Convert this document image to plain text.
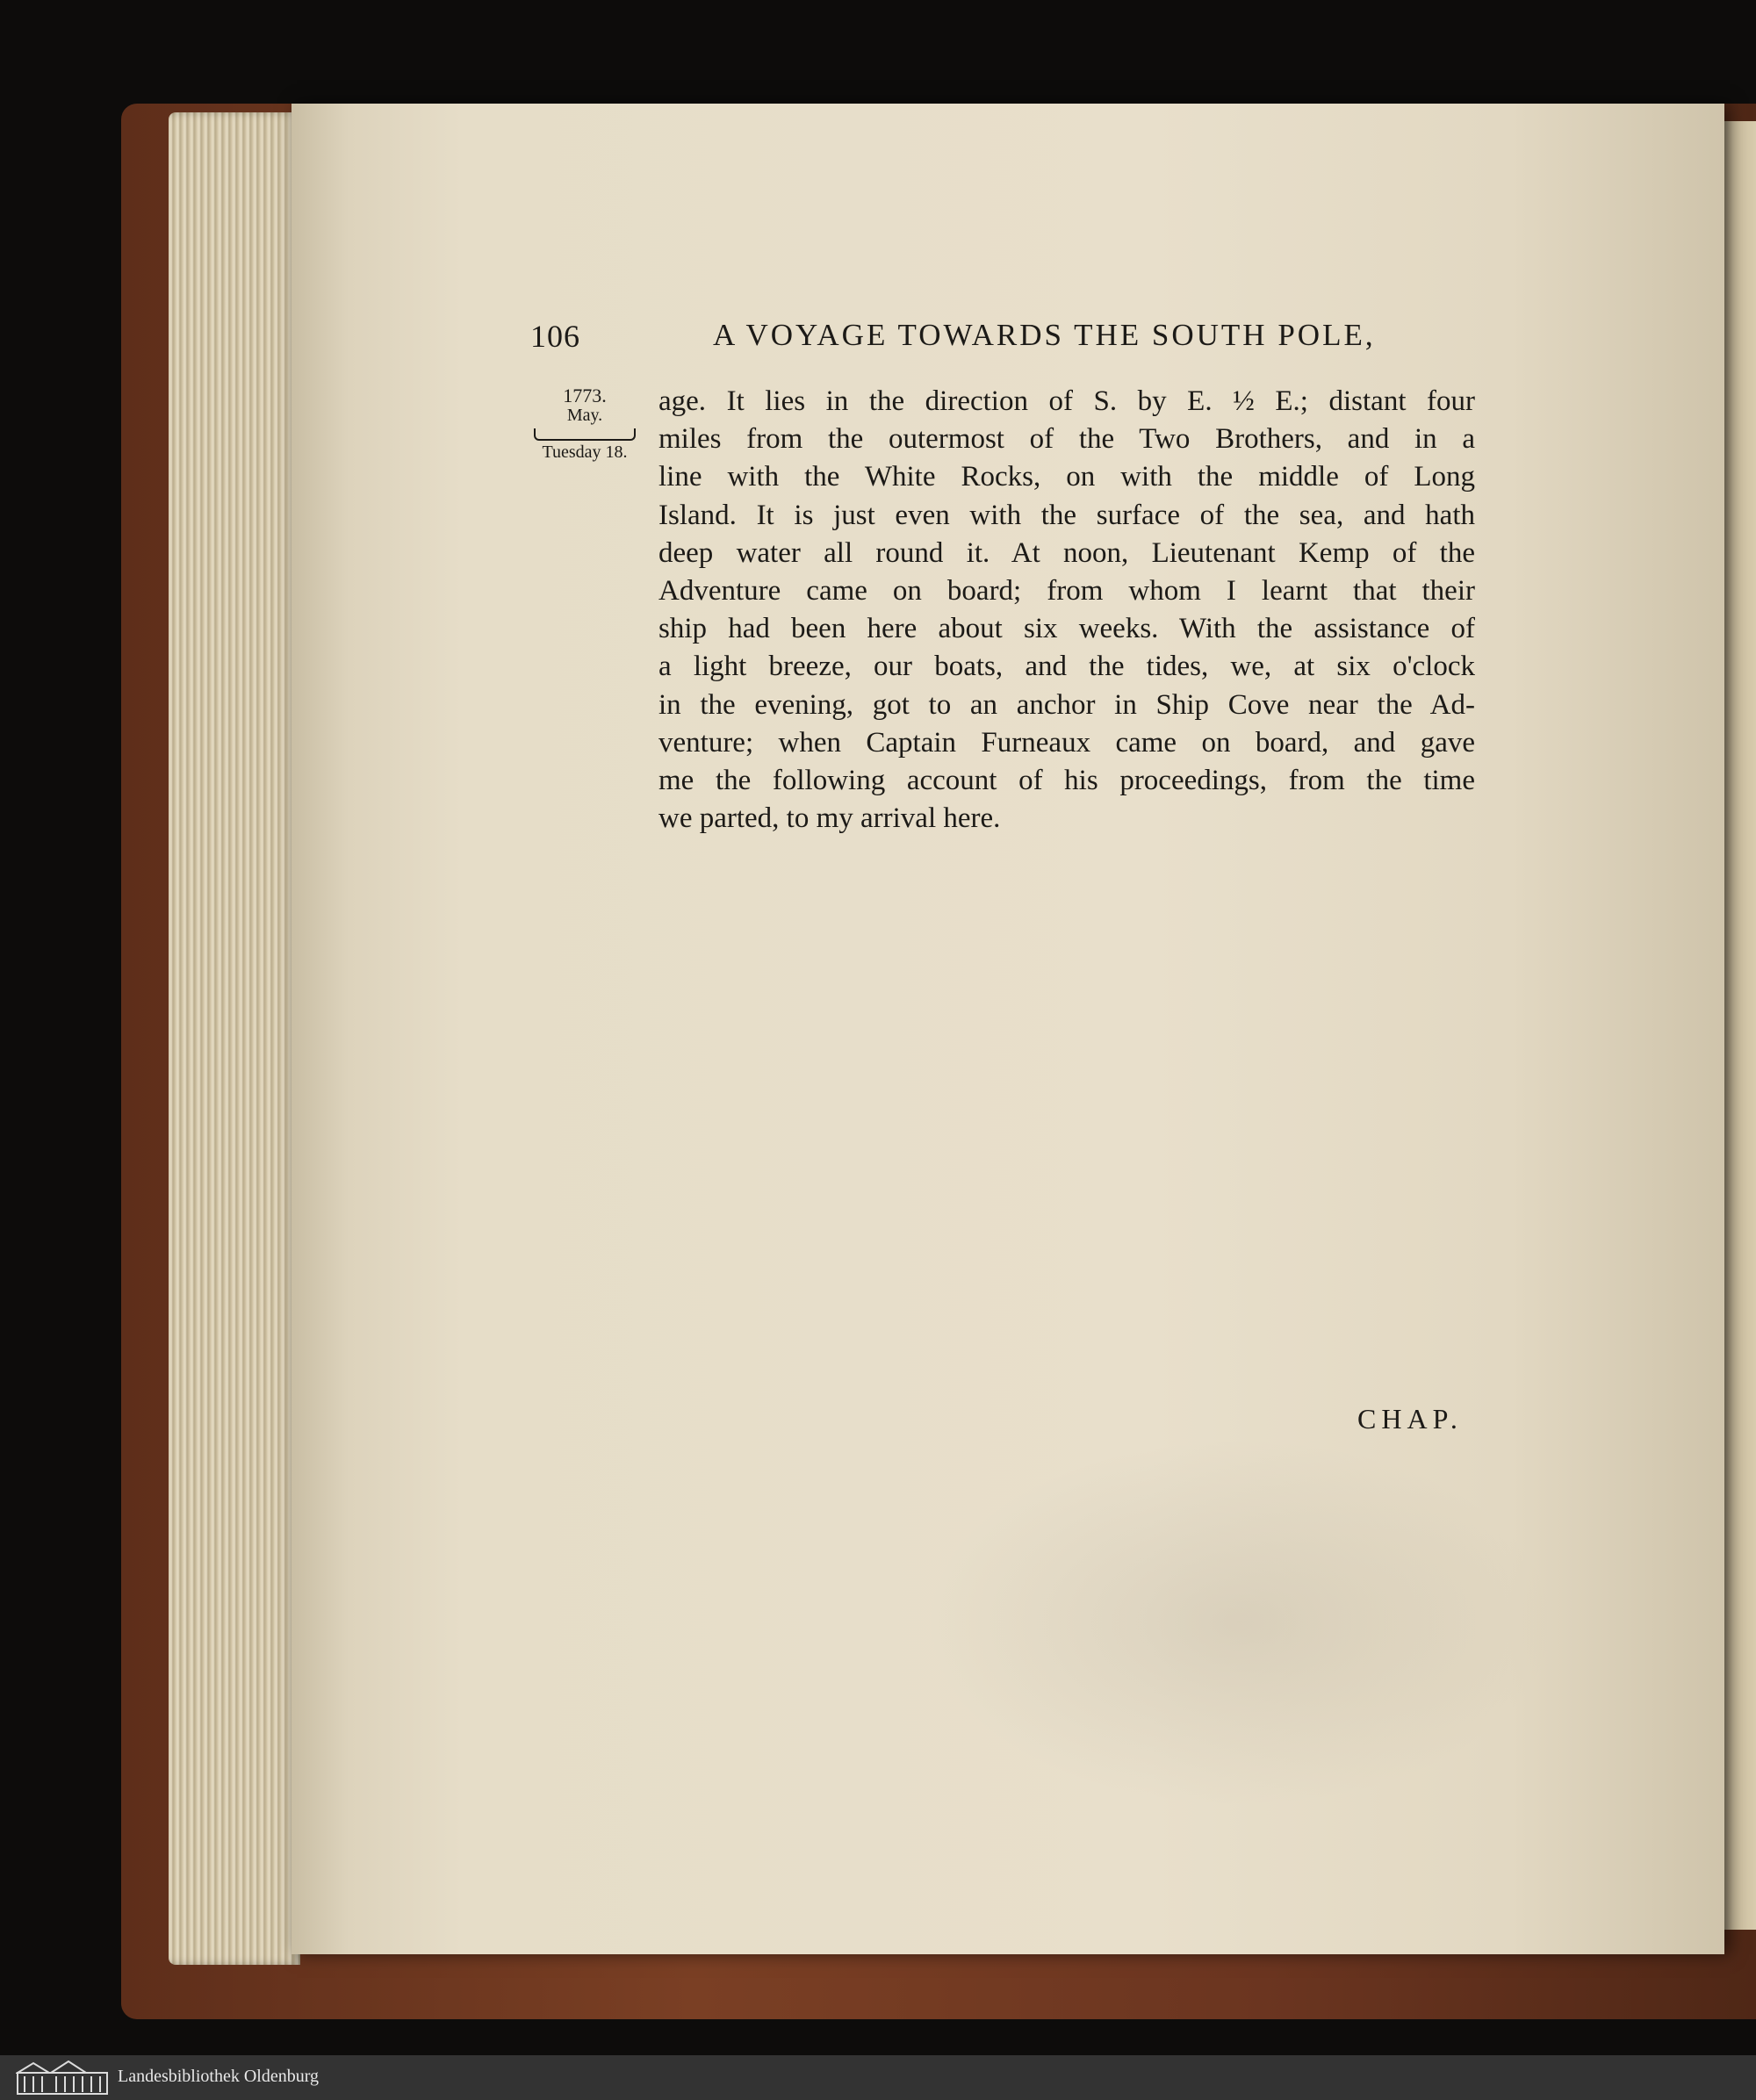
106	A VOYAGE TOWARDS THE SOUTH POLE,
1773.
May.
Tuesday 18.
age. It lies in the direction of S. by E. ½ E.; distant four
miles from the outermost of the Two Brothers, and in a
line with the White Rocks, on with the middle of Long
Island. It is just even with the surface of the sea, and hath
deep water all round it. At noon, Lieutenant Kemp of the
Adventure came on board; from whom I learnt that their
ship had been here about six weeks. With the assistance of
a light breeze, our boats, and the tides, we, at six o'clock
in the evening, got to an anchor in Ship Cove near the Ad-
venture; when Captain Furneaux came on board, and gave
me the following account of his proceedings, from the time
we parted, to my arrival here.
CHAP.
Landesbibliothek Oldenburg
